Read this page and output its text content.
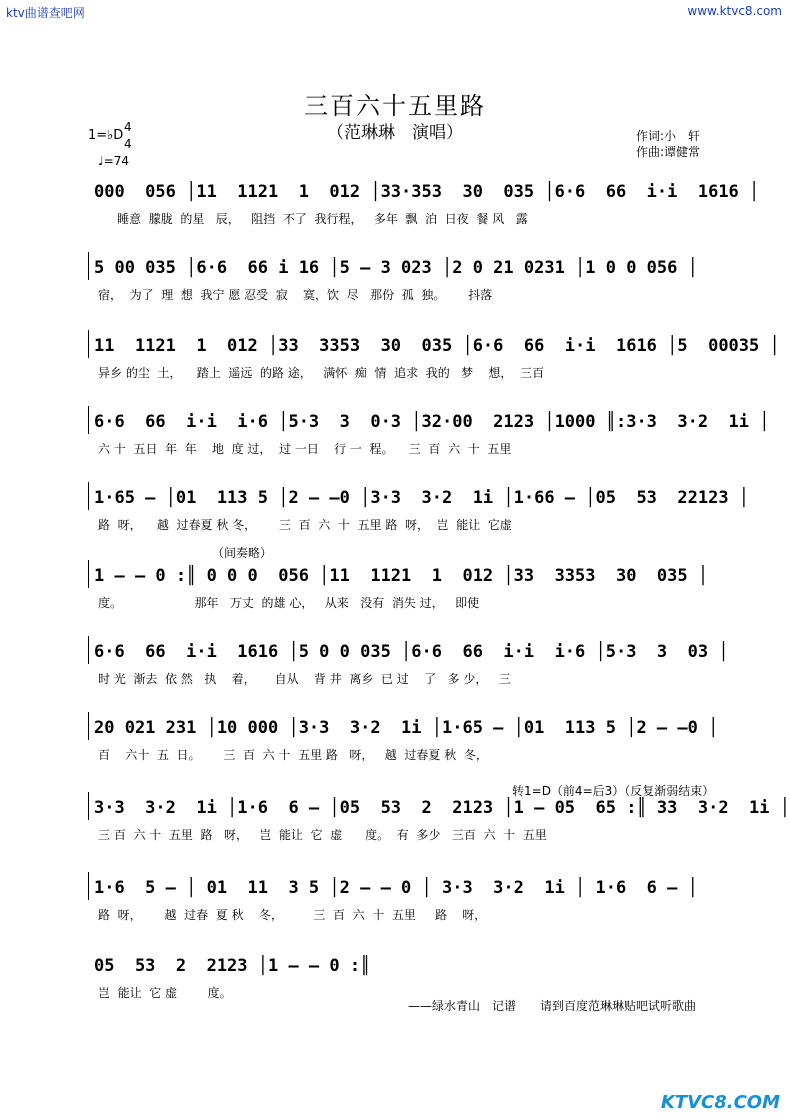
ktv曲谱查吧网	www.ktvc8.com
三百六十五里路
（范琳琳　演唱）
1=♭D
4
4
♩=74
作词:小　轩
作曲:谭健常
000  056 │11  1121  1  012 │33·353  30  035 │6·6  66  i·i  1616 │
睡意  朦胧  的星   辰，   阻挡  不了  我行程，   多年  飘  泊  日夜  餐 风   露
5 00 035 │6·6  66 i 16 │5 – 3 023 │2 0 21 0231 │1 0 0 056 │
宿，  为了  理  想  我宁 愿 忍受  寂    寞，饮  尽   那份  孤  独。      抖落
11  1121  1  012 │33  3353  30  035 │6·6  66  i·i  1616 │5  00035 │
异乡 的尘  土，    踏上  遥远  的路 途，   满怀  痴  情  追求  我的   梦    想，  三百
6·6  66  i·i  i·6 │5·3  3  0·3 │32·00  2123 │1000 ║:3·3  3·2  1i │
六 十  五日  年  年    地  度 过，  过 一日    行 一  程。    三  百  六  十  五里
1·65 – │01  113 5 │2 – –0 │3·3  3·2  1i │1·66 – │05  53  22123 │
路  呀，    越  过春夏 秋 冬，      三  百  六  十  五里 路  呀，  岂  能让  它虚
1 – – 0 :║ 0 0 0  056 │11  1121  1  012 │33  3353  30  035 │
度。                   那年   万丈  的雄 心，   从来   没有  消失 过，   即使
6·6  66  i·i  1616 │5 0 0 035 │6·6  66  i·i  i·6 │5·3  3  03 │
时 光  渐去  依 然   执    着，     自从    背 井  离乡  已 过    了   多 少，   三
20 021 231 │10 000 │3·3  3·2  1i │1·65 – │01  113 5 │2 – –0 │
百    六十  五  日。      三  百  六 十  五里 路   呀，   越  过春夏 秋  冬，
3·3  3·2  1i │1·6  6 – │05  53  2  2123 │1 – 05  65 :║ 33  3·2  1i │
三 百  六 十  五里  路   呀，   岂  能让  它  虚      度。  有  多少   三百  六  十  五里
1·6  5 – │ 01  11  3 5 │2 – – 0 │ 3·3  3·2  1i │ 1·6  6 – │
路  呀，      越  过春  夏 秋    冬，        三  百  六  十  五里     路    呀，
05  53  2  2123 │1 – – 0 :║
岂  能让  它 虚        度。
（间奏略）
转1=D（前4=后3）（反复渐弱结束）
——绿水青山　记谱 请到百度范琳琳贴吧试听歌曲
KTVC8.COM
